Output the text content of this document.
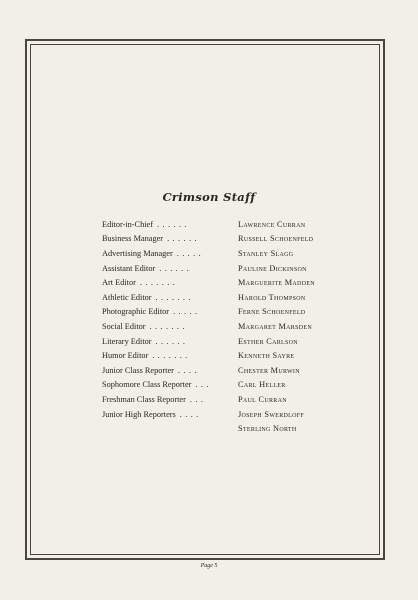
Crimson Staff
Editor-in-Chief ......	Lawrence Curran
Business Manager ......	Russell Schoenfeld
Advertising Manager .....	Stanley Slagg
Assistant Editor ......	Pauline Dickinson
Art Editor .......	Marguerite Madden
Athletic Editor .......	Harold Thompson
Photographic Editor .....	Ferne Schoenfeld
Social Editor .......	Margaret Marsden
Literary Editor ......	Esther Carlson
Humor Editor .......	Kenneth Sayre
Junior Class Reporter ....	Chester Murwin
Sophomore Class Reporter ...	Carl Heller
Freshman Class Reporter ...	Paul Curran
Junior High Reporters ....	Joseph Swerdloff
Sterling North
Page 5
